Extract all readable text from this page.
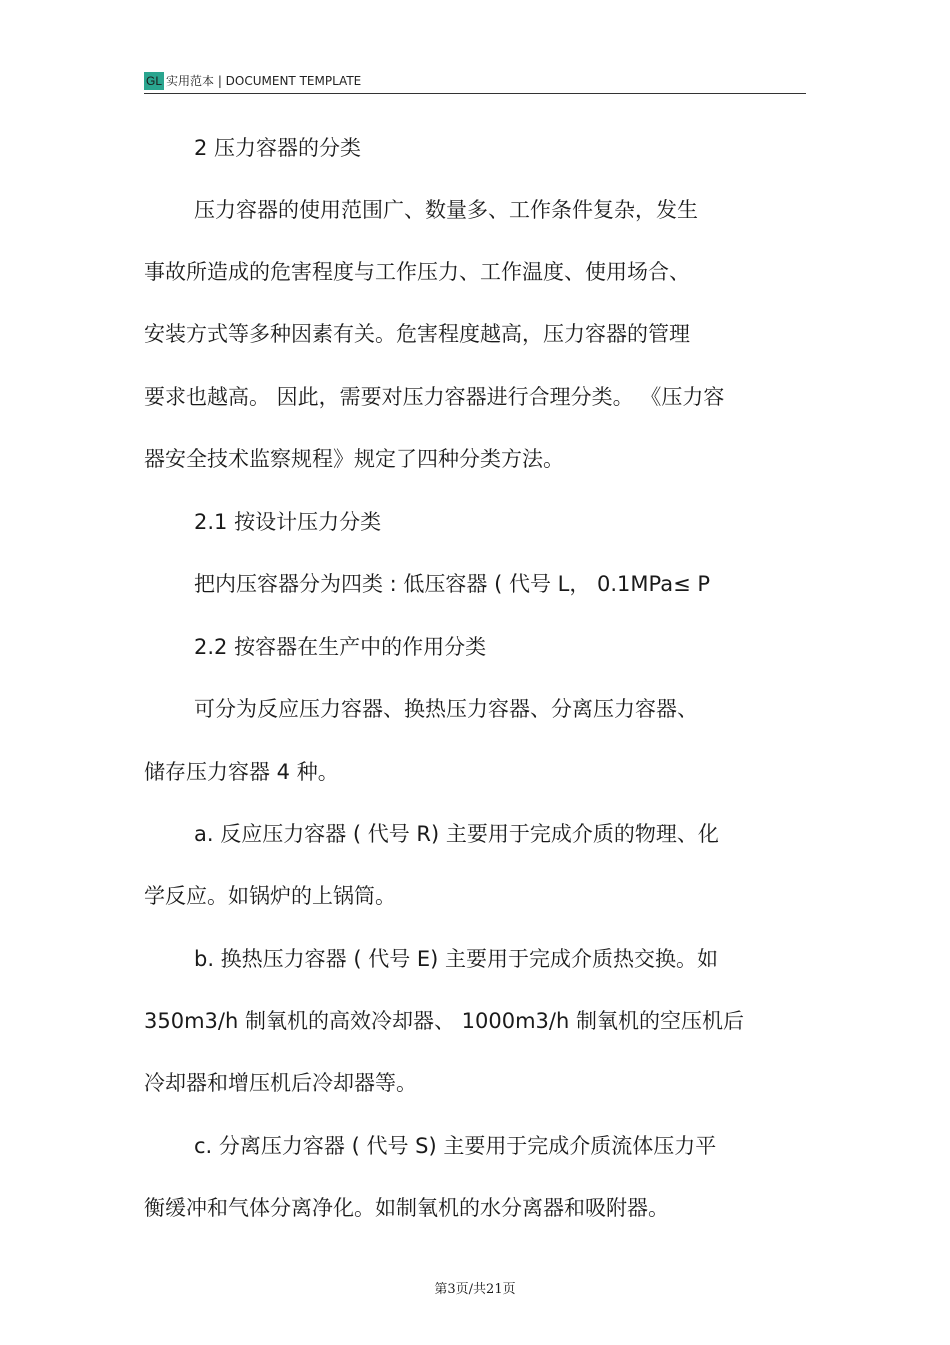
GL 实用范本 | DOCUMENT TEMPLATE
2 压力容器的分类
压力容器的使用范围广、数量多、工作条件复杂，发生
事故所造成的危害程度与工作压力、工作温度、使用场合、
安装方式等多种因素有关。危害程度越高，压力容器的管理
要求也越高。 因此，需要对压力容器进行合理分类。 《压力容
器安全技术监察规程》规定了四种分类方法。
2.1 按设计压力分类
把内压容器分为四类 : 低压容器 ( 代号 L， 0.1MPa≤ P
2.2 按容器在生产中的作用分类
可分为反应压力容器、换热压力容器、分离压力容器、
储存压力容器 4 种。
a. 反应压力容器 ( 代号 R) 主要用于完成介质的物理、化
学反应。如锅炉的上锅筒。
b. 换热压力容器 ( 代号 E) 主要用于完成介质热交换。如
350m3/h 制氧机的高效冷却器、 1000m3/h 制氧机的空压机后
冷却器和增压机后冷却器等。
c. 分离压力容器 ( 代号 S) 主要用于完成介质流体压力平
衡缓冲和气体分离净化。如制氧机的水分离器和吸附器。
第3页/共21页
